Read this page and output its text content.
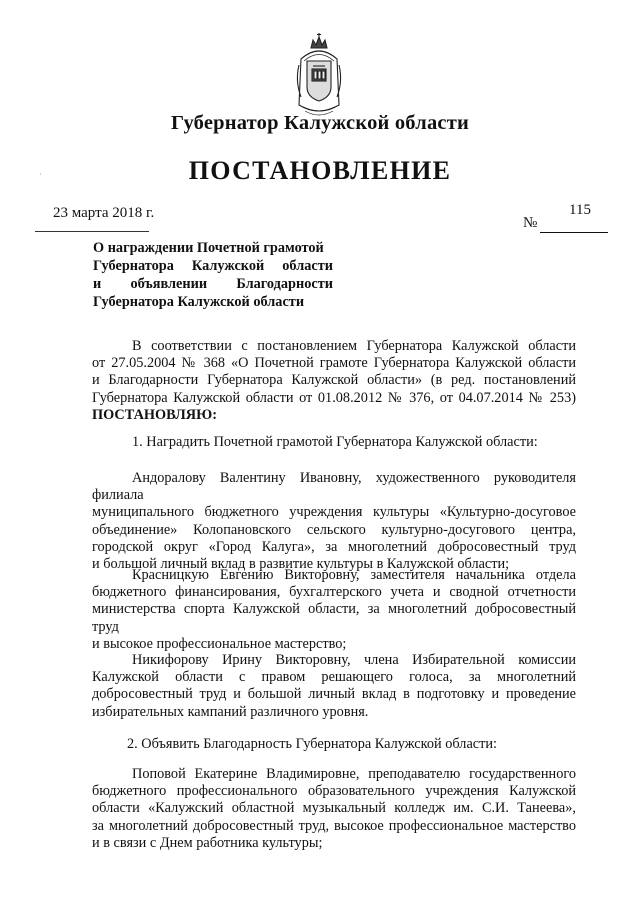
Губернатор Калужской области
ПОСТАНОВЛЕНИЕ
·
23 марта 2018 г.	115
№
О награждении Почетной грамотой
Губернатора Калужской области
и объявлении Благодарности
Губернатора Калужской области
В соответствии с постановлением Губернатора Калужской области
от 27.05.2004 № 368 «О Почетной грамоте Губернатора Калужской области
и Благодарности Губернатора Калужской области» (в ред. постановлений
Губернатора Калужской области от 01.08.2012 № 376, от 04.07.2014 № 253)
ПОСТАНОВЛЯЮ:
1. Наградить Почетной грамотой Губернатора Калужской области:
Андоралову Валентину Ивановну, художественного руководителя филиала
муниципального бюджетного учреждения культуры «Культурно-досуговое
объединение» Колопановского сельского культурно-досугового центра,
городской округ «Город Калуга», за многолетний добросовестный труд
и большой личный вклад в развитие культуры в Калужской области;
Красницкую Евгению Викторовну, заместителя начальника отдела
бюджетного финансирования, бухгалтерского учета и сводной отчетности
министерства спорта Калужской области, за многолетний добросовестный труд
и высокое профессиональное мастерство;
Никифорову Ирину Викторовну, члена Избирательной комиссии
Калужской области с правом решающего голоса, за многолетний
добросовестный труд и большой личный вклад в подготовку и проведение
избирательных кампаний различного уровня.
2. Объявить Благодарность Губернатора Калужской области:
Поповой Екатерине Владимировне, преподавателю государственного
бюджетного профессионального образовательного учреждения Калужской
области «Калужский областной музыкальный колледж им. С.И. Танеева»,
за многолетний добросовестный труд, высокое профессиональное мастерство
и в связи с Днем работника культуры;
